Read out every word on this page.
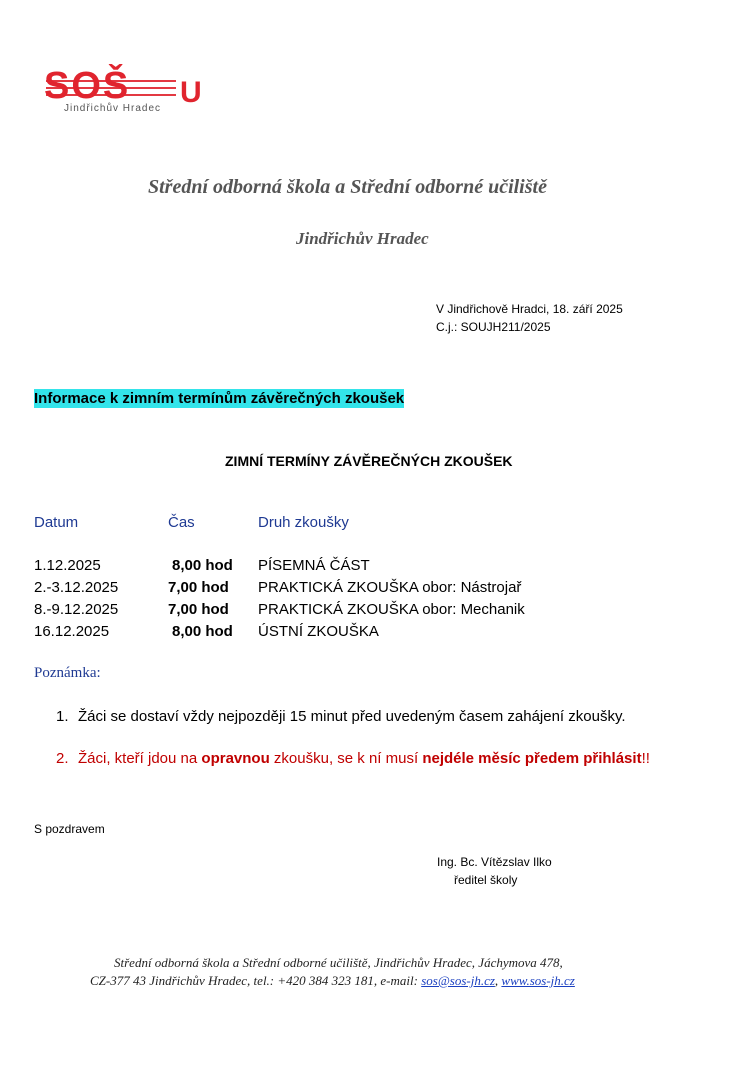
SOŠ U
Jindřichův Hradec
Střední odborná škola a Střední odborné učiliště
Jindřichův Hradec
V Jindřichově Hradci, 18. září 2025
C.j.: SOUJH211/2025
Informace k zimním termínům závěrečných zkoušek
ZIMNÍ TERMÍNY ZÁVĚREČNÝCH ZKOUŠEK
Datum	Čas	Druh zkoušky
1.12.2025	8,00 hod PÍSEMNÁ ČÁST
2.-3.12.2025	7,00 hod PRAKTICKÁ ZKOUŠKA obor: Nástrojař
8.-9.12.2025	7,00 hod PRAKTICKÁ ZKOUŠKA obor: Mechanik
16.12.2025	8,00 hod ÚSTNÍ ZKOUŠKA
Poznámka:
1. Žáci se dostaví vždy nejpozději 15 minut před uvedeným časem zahájení zkoušky.
2. Žáci, kteří jdou na opravnou zkoušku, se k ní musí nejdéle měsíc předem přihlásit!!
S pozdravem
Ing. Bc. Vítězslav Ilko
ředitel školy
Střední odborná škola a Střední odborné učiliště, Jindřichův Hradec, Jáchymova 478,
CZ-377 43 Jindřichův Hradec, tel.: +420 384 323 181, e-mail: sos@sos-jh.cz, www.sos-jh.cz
